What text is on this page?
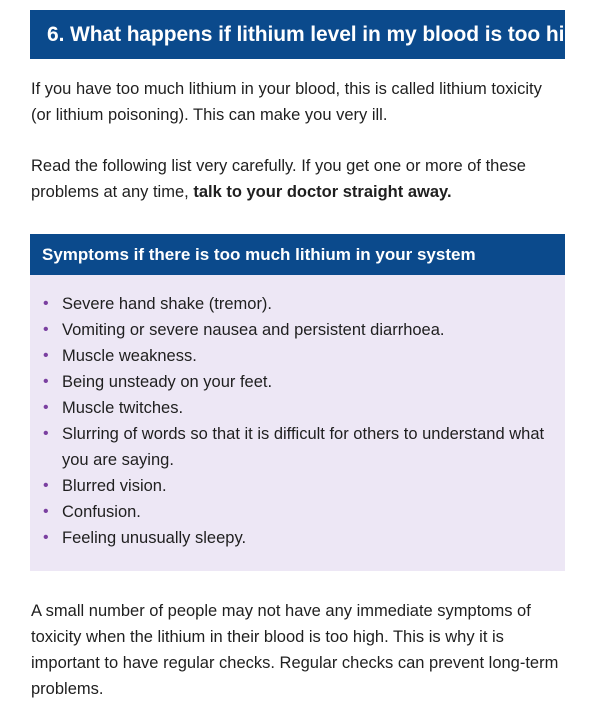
6. What happens if lithium level in my blood is too high?

If you have too much lithium in your blood, this is called lithium toxicity (or lithium poisoning). This can make you very ill.

Read the following list very carefully. If you get one or more of these problems at any time, talk to your doctor straight away.

Symptoms if there is too much lithium in your system
• Severe hand shake (tremor).
• Vomiting or severe nausea and persistent diarrhoea.
• Muscle weakness.
• Being unsteady on your feet.
• Muscle twitches.
• Slurring of words so that it is difficult for others to understand what you are saying.
• Blurred vision.
• Confusion.
• Feeling unusually sleepy.

A small number of people may not have any immediate symptoms of toxicity when the lithium in their blood is too high. This is why it is important to have regular checks. Regular checks can prevent long-term problems.
